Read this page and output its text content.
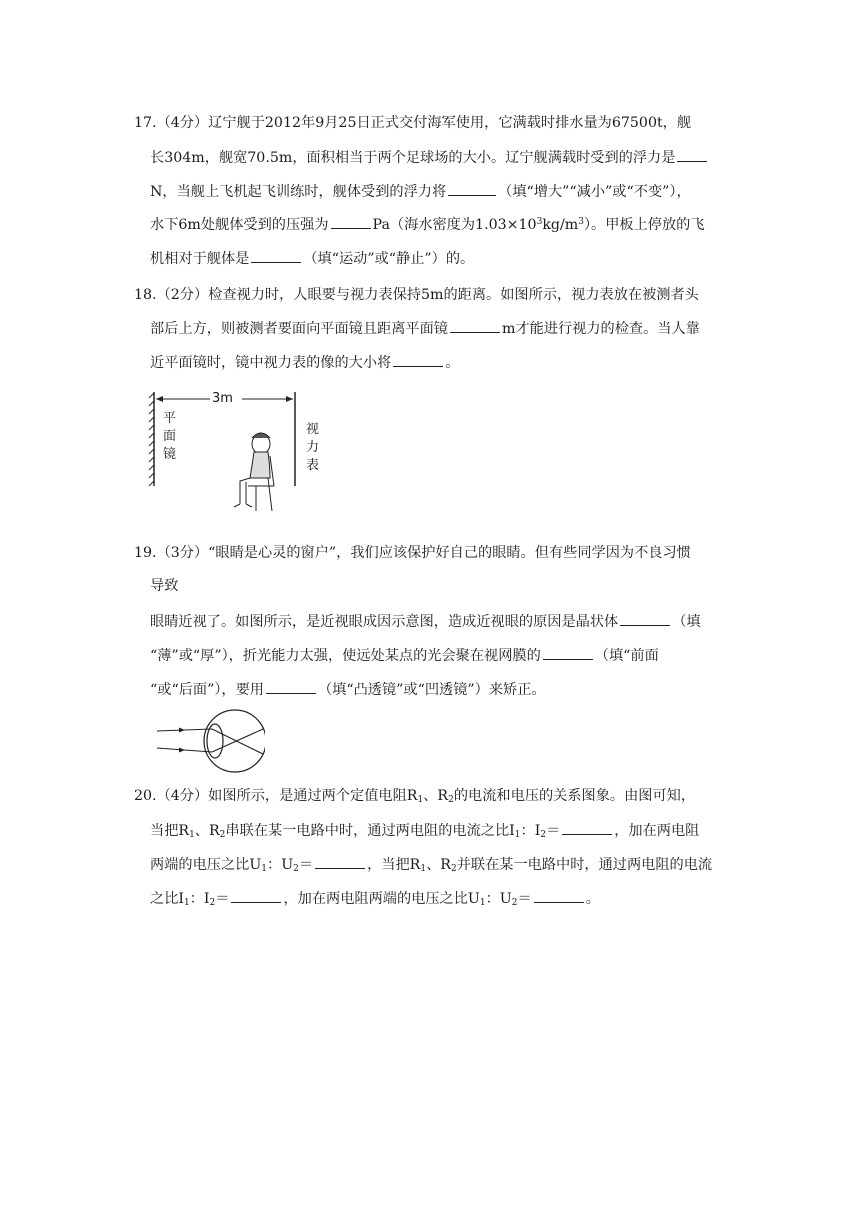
17.（4分）辽宁舰于2012年9月25日正式交付海军使用，它满载时排水量为67500t，舰
长304m，舰宽70.5m，面积相当于两个足球场的大小。辽宁舰满载时受到的浮力是
N，当舰上飞机起飞训练时，舰体受到的浮力将	（填“增大”“减小”或“不变”），
水下6m处舰体受到的压强为	Pa（海水密度为$1.03\times 10^3kg/m^3$）。甲板上停放的飞
机相对于舰体是	（填“运动”或“静止”）的。
18.（2分）检查视力时，人眼要与视力表保持5m的距离。如图所示，视力表放在被测者头
部后上方，则被测者要面向平面镜且距离平面镜	m才能进行视力的检查。当人靠
近平面镜时，镜中视力表的像的大小将	。
3m
平
面
镜
视
力
表
19.（3分）“眼睛是心灵的窗户”，我们应该保护好自己的眼睛。但有些同学因为不良习惯
导致
眼睛近视了。如图所示，是近视眼成因示意图，造成近视眼的原因是晶状体	（填
“薄”或“厚”），折光能力太强，使远处某点的光会聚在视网膜的	（填“前面
“或“后面”），要用	（填“凸透镜”或“凹透镜”）来矫正。
20.（4分）如图所示，是通过两个定值电阻$R_1$、$R_2$的电流和电压的关系图象。由图可知，
当把$R_1$、$R_2$串联在某一电路中时，通过两电阻的电流之比$I_1$：$I_2=$	，加在两电阻
两端的电压之比$U_1$：$U_2=$	，当把$R_1$、$R_2$并联在某一电路中时，通过两电阻的电流
之比$I_1$：$I_2=$	，加在两电阻两端的电压之比$U_1$：$U_2=$	。
